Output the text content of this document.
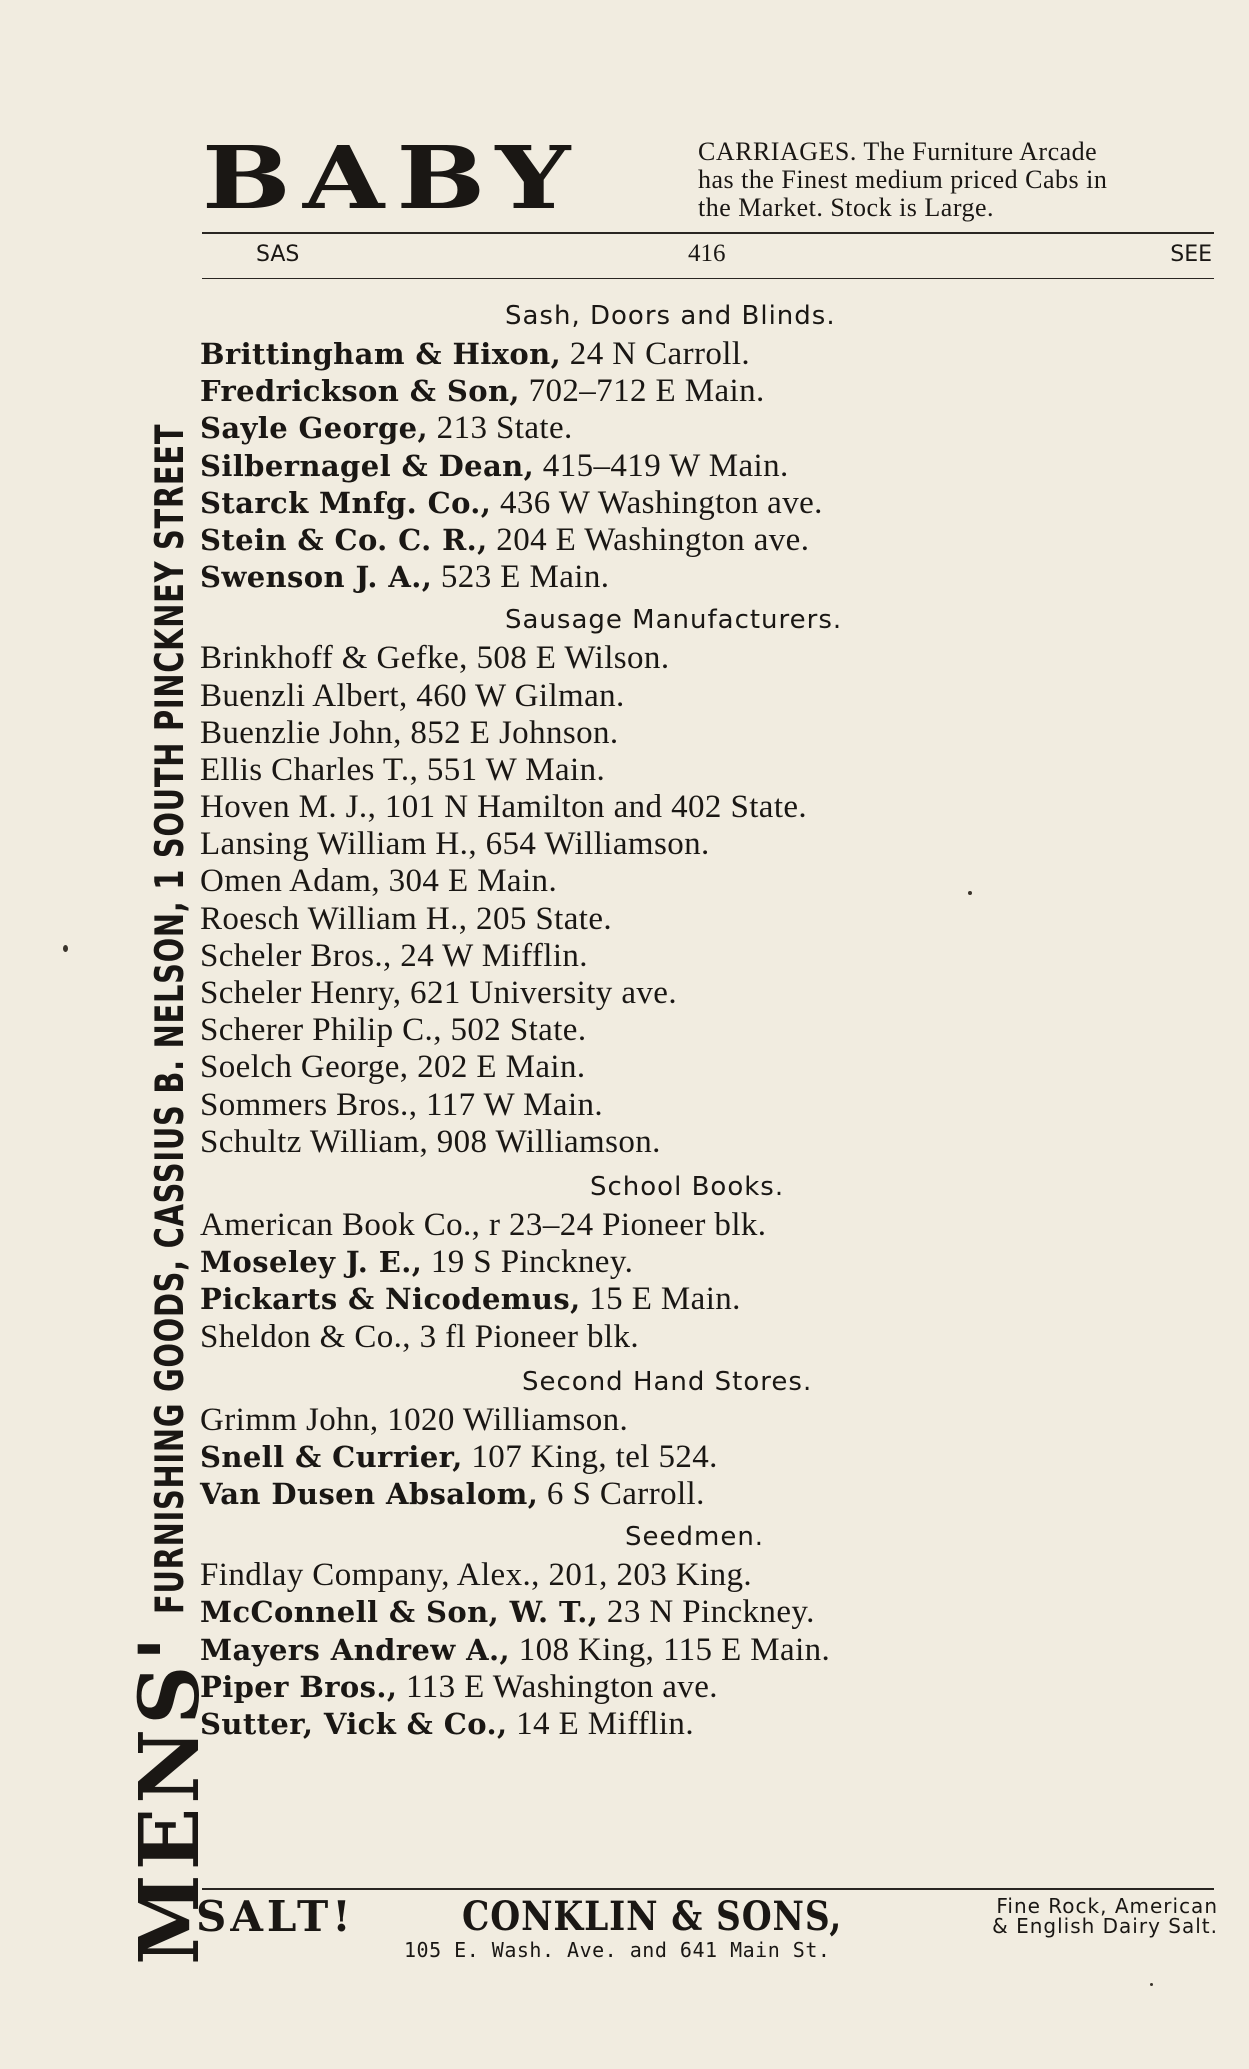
MENS'
FURNISHING GOODS, CASSIUS B. NELSON, 1 SOUTH PINCKNEY STREET
BABY	CARRIAGES. The Furniture Arcade
has the Finest medium priced Cabs in
the Market. Stock is Large.
SAS	416	SEE
Sash, Doors and Blinds.
Brittingham & Hixon, 24 N Carroll.
Fredrickson & Son, 702–712 E Main.
Sayle George, 213 State.
Silbernagel & Dean, 415–419 W Main.
Starck Mnfg. Co., 436 W Washington ave.
Stein & Co. C. R., 204 E Washington ave.
Swenson J. A., 523 E Main.
Sausage Manufacturers.
Brinkhoff & Gefke, 508 E Wilson.
Buenzli Albert, 460 W Gilman.
Buenzlie John, 852 E Johnson.
Ellis Charles T., 551 W Main.
Hoven M. J., 101 N Hamilton and 402 State.
Lansing William H., 654 Williamson.
Omen Adam, 304 E Main.
Roesch William H., 205 State.
Scheler Bros., 24 W Mifflin.
Scheler Henry, 621 University ave.
Scherer Philip C., 502 State.
Soelch George, 202 E Main.
Sommers Bros., 117 W Main.
Schultz William, 908 Williamson.
School Books.
American Book Co., r 23–24 Pioneer blk.
Moseley J. E., 19 S Pinckney.
Pickarts & Nicodemus, 15 E Main.
Sheldon & Co., 3 fl Pioneer blk.
Second Hand Stores.
Grimm John, 1020 Williamson.
Snell & Currier, 107 King, tel 524.
Van Dusen Absalom, 6 S Carroll.
Seedmen.
Findlay Company, Alex., 201, 203 King.
McConnell & Son, W. T., 23 N Pinckney.
Mayers Andrew A., 108 King, 115 E Main.
Piper Bros., 113 E Washington ave.
Sutter, Vick & Co., 14 E Mifflin.
SALT!	CONKLIN & SONS,	Fine Rock, American
& English Dairy Salt.
105 E. Wash. Ave. and 641 Main St.
